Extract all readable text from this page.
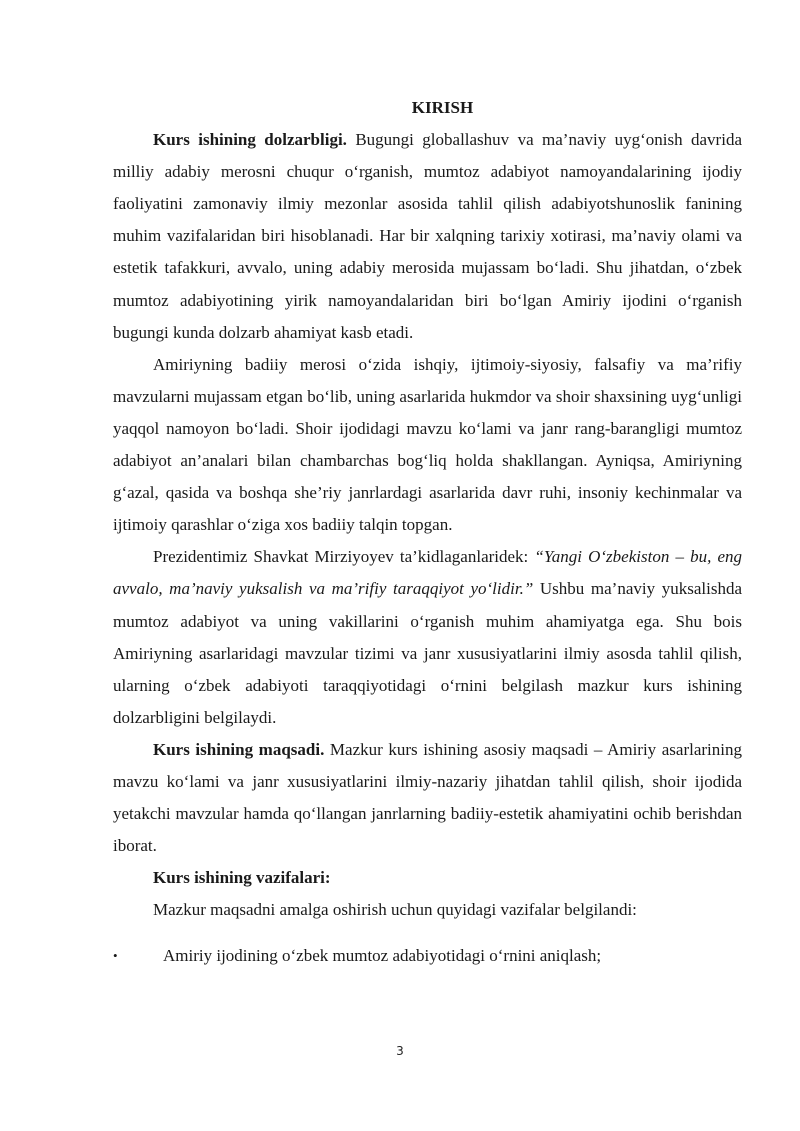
KIRISH

Kurs ishining dolzarbligi. Bugungi globallashuv va ma’naviy uyg‘onish davrida milliy adabiy merosni chuqur o‘rganish, mumtoz adabiyot namoyandalarining ijodiy faoliyatini zamonaviy ilmiy mezonlar asosida tahlil qilish adabiyotshunoslik fanining muhim vazifalaridan biri hisoblanadi. Har bir xalqning tarixiy xotirasi, ma’naviy olami va estetik tafakkuri, avvalo, uning adabiy merosida mujassam bo‘ladi. Shu jihatdan, o‘zbek mumtoz adabiyotining yirik namoyandalaridan biri bo‘lgan Amiriy ijodini o‘rganish bugungi kunda dolzarb ahamiyat kasb etadi.

Amiriyning badiiy merosi o‘zida ishqiy, ijtimoiy-siyosiy, falsafiy va ma’rifiy mavzularni mujassam etgan bo‘lib, uning asarlarida hukmdor va shoir shaxsining uyg‘unligi yaqqol namoyon bo‘ladi. Shoir ijodidagi mavzu ko‘lami va janr rang-barangligi mumtoz adabiyot an’analari bilan chambarchas bog‘liq holda shakllangan. Ayniqsa, Amiriyning g‘azal, qasida va boshqa she’riy janrlardagi asarlarida davr ruhi, insoniy kechinmalar va ijtimoiy qarashlar o‘ziga xos badiiy talqin topgan.

Prezidentimiz Shavkat Mirziyoyev ta’kidlaganlaridek: “Yangi O‘zbekiston – bu, eng avvalo, ma’naviy yuksalish va ma’rifiy taraqqiyot yo‘lidir.” Ushbu ma’naviy yuksalishda mumtoz adabiyot va uning vakillarini o‘rganish muhim ahamiyatga ega. Shu bois Amiriyning asarlaridagi mavzular tizimi va janr xususiyatlarini ilmiy asosda tahlil qilish, ularning o‘zbek adabiyoti taraqqiyotidagi o‘rnini belgilash mazkur kurs ishining dolzarbligini belgilaydi.

Kurs ishining maqsadi. Mazkur kurs ishining asosiy maqsadi – Amiriy asarlarining mavzu ko‘lami va janr xususiyatlarini ilmiy-nazariy jihatdan tahlil qilish, shoir ijodida yetakchi mavzular hamda qo‘llangan janrlarning badiiy-estetik ahamiyatini ochib berishdan iborat.

Kurs ishining vazifalari:

Mazkur maqsadni amalga oshirish uchun quyidagi vazifalar belgilandi:

•	Amiriy ijodining o‘zbek mumtoz adabiyotidagi o‘rnini aniqlash;

3
